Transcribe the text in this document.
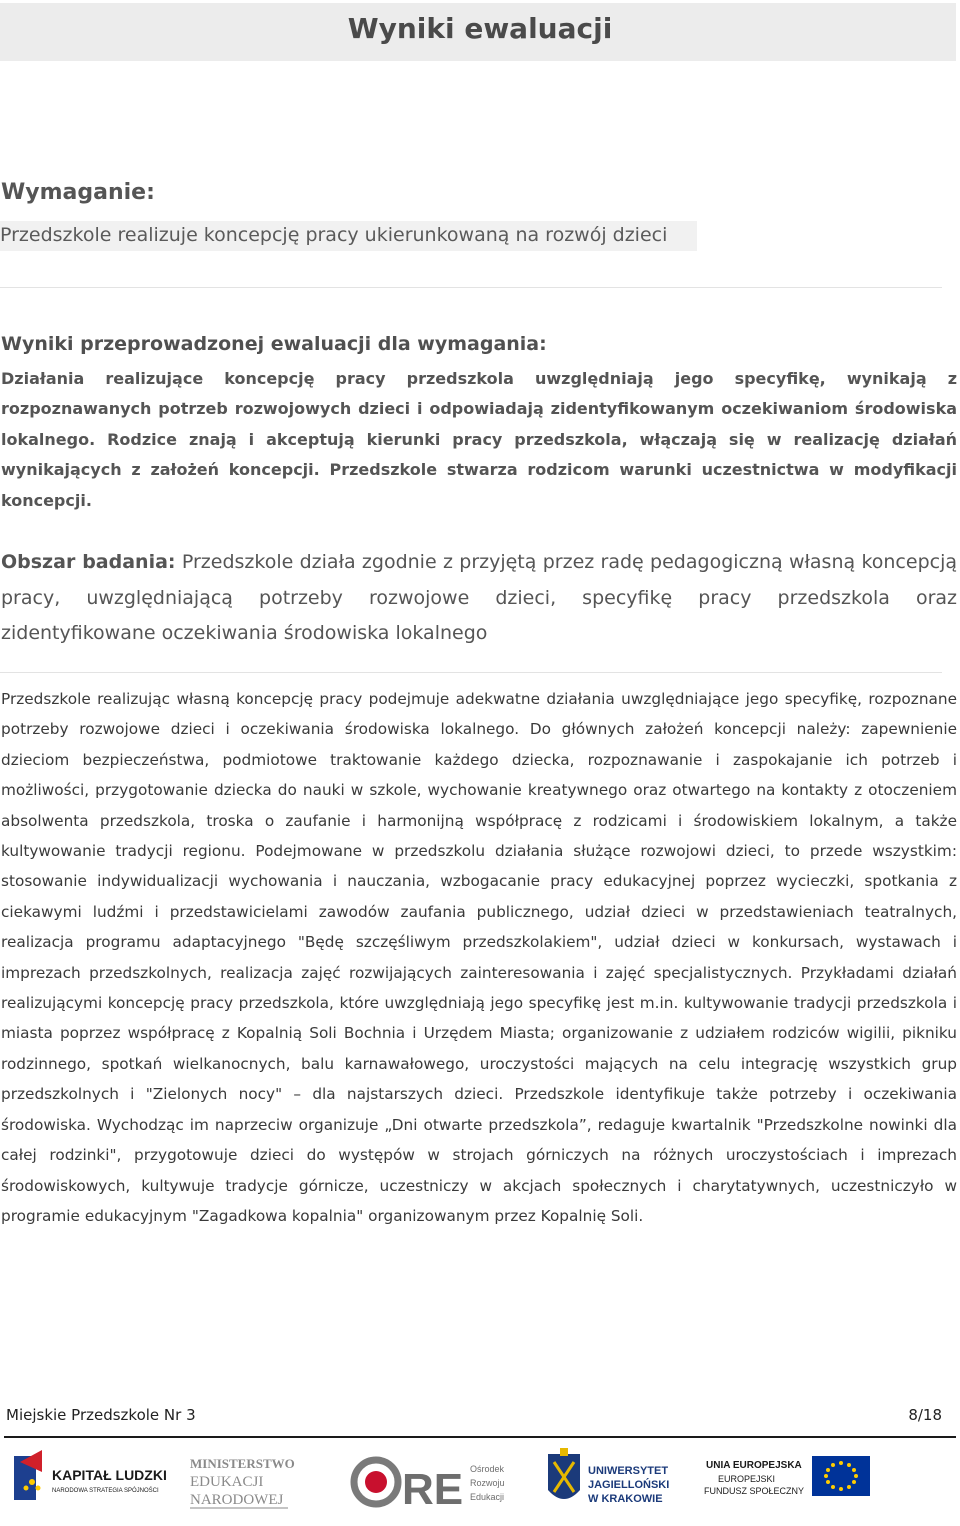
Wyniki ewaluacji
Wymaganie:
Przedszkole realizuje koncepcję pracy ukierunkowaną na rozwój dzieci
Wyniki przeprowadzonej ewaluacji dla wymagania:

Działania realizujące koncepcję pracy przedszkola uwzględniają jego specyfikę, wynikają z rozpoznawanych potrzeb rozwojowych dzieci i odpowiadają zidentyfikowanym oczekiwaniom środowiska lokalnego. Rodzice znają i akceptują kierunki pracy przedszkola, włączają się w realizację działań wynikających z założeń koncepcji. Przedszkole stwarza rodzicom warunki uczestnictwa w modyfikacji koncepcji.

Obszar badania: Przedszkole działa zgodnie z przyjętą przez radę pedagogiczną własną koncepcją pracy, uwzględniającą potrzeby rozwojowe dzieci, specyfikę pracy przedszkola oraz zidentyfikowane oczekiwania środowiska lokalnego

Przedszkole realizując własną koncepcję pracy podejmuje adekwatne działania uwzględniające jego specyfikę, rozpoznane potrzeby rozwojowe dzieci i oczekiwania środowiska lokalnego. Do głównych założeń koncepcji należy: zapewnienie dzieciom bezpieczeństwa, podmiotowe traktowanie każdego dziecka, rozpoznawanie i zaspokajanie ich potrzeb i możliwości, przygotowanie dziecka do nauki w szkole, wychowanie kreatywnego oraz otwartego na kontakty z otoczeniem absolwenta przedszkola, troska o zaufanie i harmonijną współpracę z rodzicami i środowiskiem lokalnym, a także kultywowanie tradycji regionu. Podejmowane w przedszkolu działania służące rozwojowi dzieci, to przede wszystkim: stosowanie indywidualizacji wychowania i nauczania, wzbogacanie pracy edukacyjnej poprzez wycieczki, spotkania z ciekawymi ludźmi i przedstawicielami zawodów zaufania publicznego, udział dzieci w przedstawieniach teatralnych, realizacja programu adaptacyjnego "Będę szczęśliwym przedszkolakiem", udział dzieci w konkursach, wystawach i imprezach przedszkolnych, realizacja zajęć rozwijających zainteresowania i zajęć specjalistycznych. Przykładami działań realizującymi koncepcję pracy przedszkola, które uwzględniają jego specyfikę jest m.in. kultywowanie tradycji przedszkola i miasta poprzez współpracę z Kopalnią Soli Bochnia i Urzędem Miasta; organizowanie z udziałem rodziców wigilii, pikniku rodzinnego, spotkań wielkanocnych, balu karnawałowego, uroczystości mających na celu integrację wszystkich grup przedszkolnych i "Zielonych nocy" – dla najstarszych dzieci. Przedszkole identyfikuje także potrzeby i oczekiwania środowiska. Wychodząc im naprzeciw organizuje „Dni otwarte przedszkola”, redaguje kwartalnik "Przedszkolne nowinki dla całej rodzinki", przygotowuje dzieci do występów w strojach górniczych na różnych uroczystościach i imprezach środowiskowych, kultywuje tradycje górnicze, uczestniczy w akcjach społecznych i charytatywnych, uczestniczyło w programie edukacyjnym "Zagadkowa kopalnia" organizowanym przez Kopalnię Soli.

Miejskie Przedszkole Nr 3	8/18
KAPITAŁ LUDZKI
NARODOWA STRATEGIA SPÓJNOŚCI
MINISTERSTWO
EDUKACJI
NARODOWEJ	RE Ośrodek
Rozwoju
Edukacji
UNIWERSYTET
JAGIELLOŃSKI
W KRAKOWIE
UNIA EUROPEJSKA
EUROPEJSKI
FUNDUSZ SPOŁECZNY
